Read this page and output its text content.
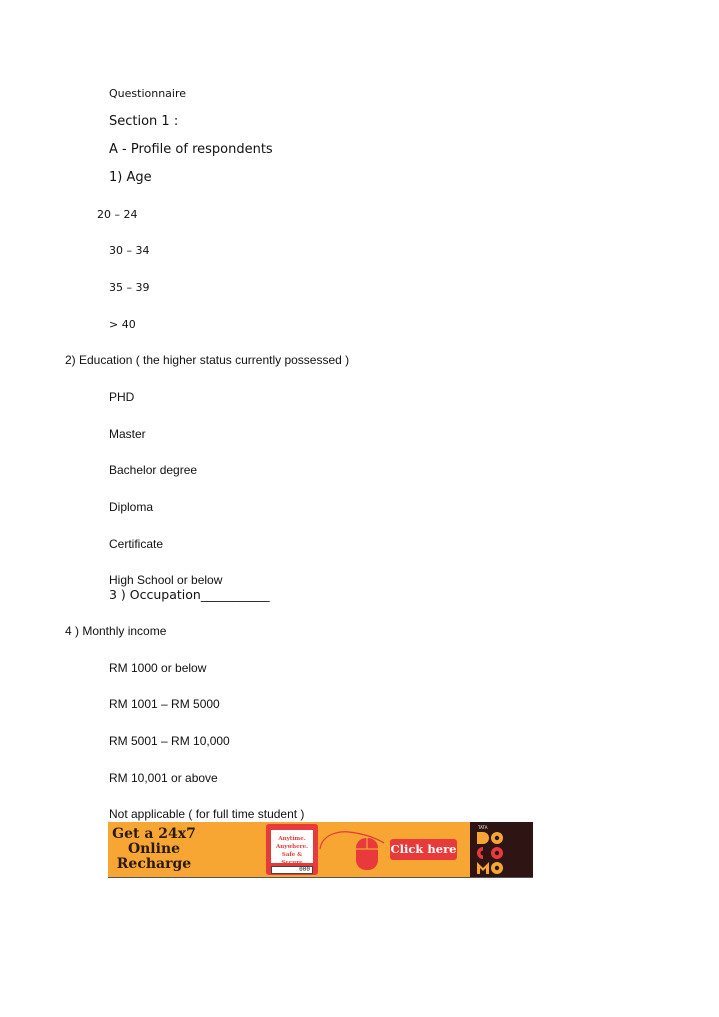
Questionnaire
Section 1 :
A - Profile of respondents
1) Age
20 – 24
30 – 34
35 – 39
> 40
2) Education ( the higher status currently possessed )
PHD
Master
Bachelor degree
Diploma
Certificate
High School or below
3 ) Occupation___________
4 ) Monthly income
RM 1000 or below
RM 1001 – RM 5000
RM 5001 – RM 10,000
RM 10,001 or above
Not applicable ( for full time student )
Get a 24x7
Online
Recharge
Anytime.
Anywhere.
Safe & Secure
000
Click here
TATA
